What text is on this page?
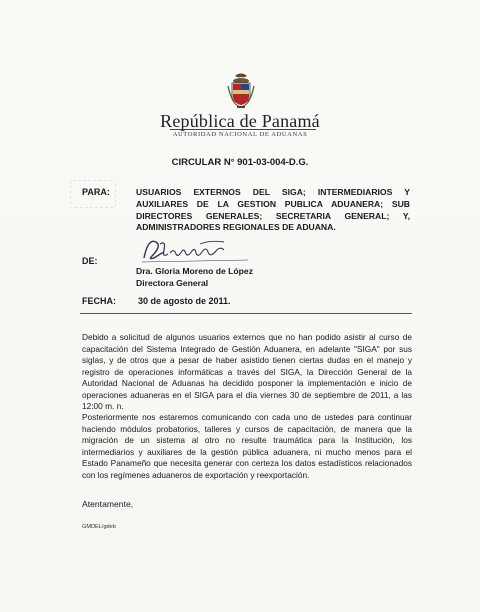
República de Panamá
AUTORIDAD NACIONAL DE ADUANAS
CIRCULAR N° 901-03-004-D.G.
PARA:	USUARIOS EXTERNOS DEL SIGA; INTERMEDIARIOS Y AUXILIARES DE LA GESTION PUBLICA ADUANERA; SUB DIRECTORES GENERALES; SECRETARIA GENERAL; Y, ADMINISTRADORES REGIONALES DE ADUANA.
DE:
Dra. Gloria Moreno de López
Directora General
FECHA: 30 de agosto de 2011.
Debido a solicitud de algunos usuarios externos que no han podido asistir al curso de capacitación del Sistema Integrado de Gestión Aduanera, en adelante "SIGA" por sus siglas, y de otros que a pesar de haber asistido tienen ciertas dudas en el manejo y registro de operaciones informáticas a través del SIGA, la Dirección General de la Autoridad Nacional de Aduanas ha decidido posponer la implementación e inicio de operaciones aduaneras en el SIGA para el día viernes 30 de septiembre de 2011, a las 12:00 m. n.
Posteriormente nos estaremos comunicando con cada uno de ustedes para continuar haciendo módulos probatorios, talleres y cursos de capacitación, de manera que la migración de un sistema al otro no resulte traumática para la Institución, los intermediarios y auxiliares de la gestión pública aduanera, ni mucho menos para el Estado Panameño que necesita generar con certeza los datos estadísticos relacionados con los regímenes aduaneros de exportación y reexportación.
Atentamente,
GMDEL/gdeb
